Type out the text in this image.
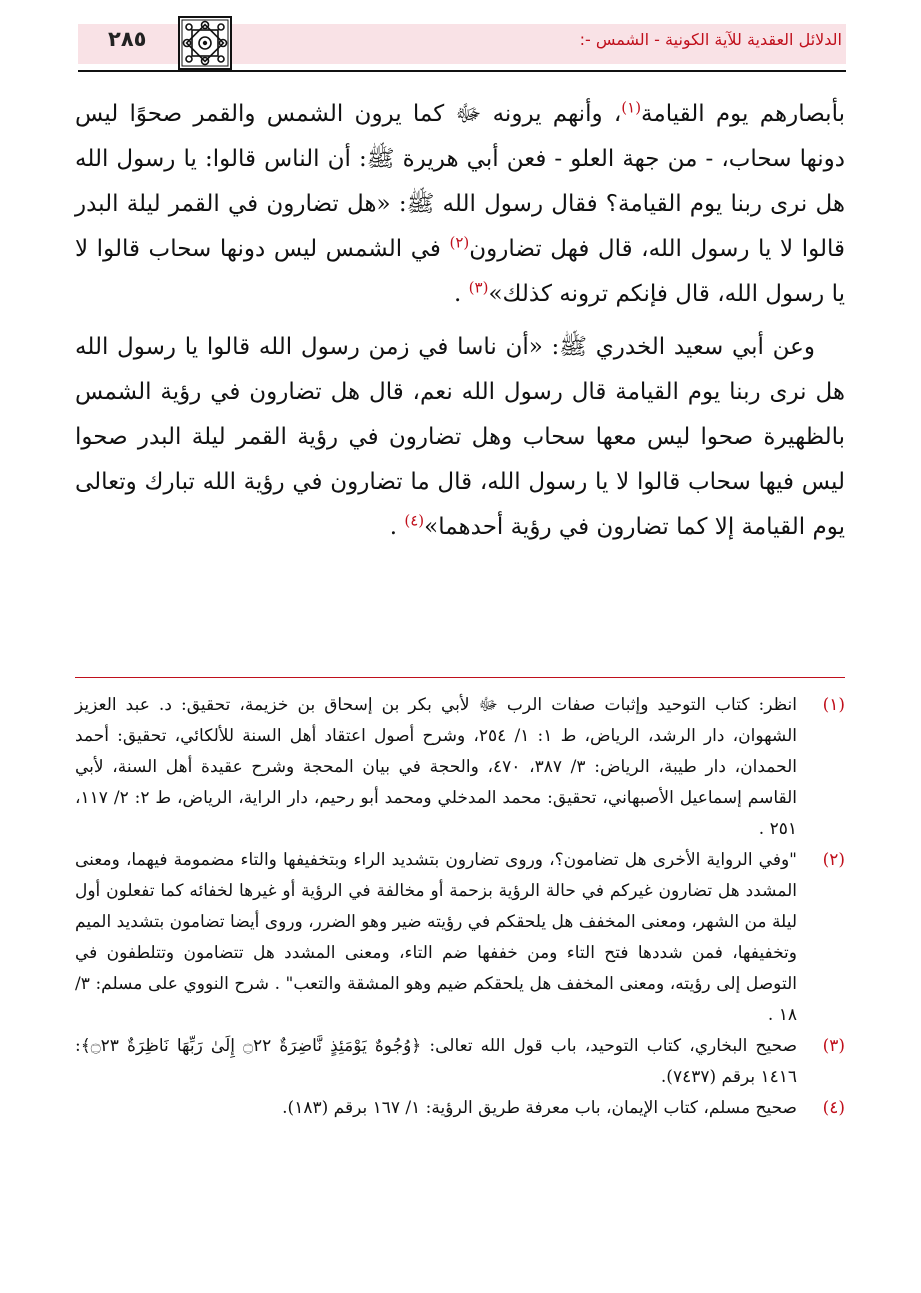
الدلائل العقدية للآية الكونية - الشمس -:
٢٨٥

بأبصارهم يوم القيامة$^{(١)}$، وأنهم يرونه ﷻ كما يرون الشمس والقمر صحوًا ليس دونها سحاب، - من جهة العلو - فعن أبي هريرة ﷺ: أن الناس قالوا: يا رسول الله هل نرى ربنا يوم القيامة؟ فقال رسول الله ﷺ: «هل تضارون في القمر ليلة البدر قالوا لا يا رسول الله، قال فهل تضارون$^{(٢)}$ في الشمس ليس دونها سحاب قالوا لا يا رسول الله، قال فإنكم ترونه كذلك»$^{(٣)}$ .

وعن أبي سعيد الخدري ﷺ: «أن ناسا في زمن رسول الله قالوا يا رسول الله هل نرى ربنا يوم القيامة قال رسول الله نعم، قال هل تضارون في رؤية الشمس بالظهيرة صحوا ليس معها سحاب وهل تضارون في رؤية القمر ليلة البدر صحوا ليس فيها سحاب قالوا لا يا رسول الله، قال ما تضارون في رؤية الله تبارك وتعالى يوم القيامة إلا كما تضارون في رؤية أحدهما»$^{(٤)}$ .

(١)
انظر: كتاب التوحيد وإثبات صفات الرب ﷻ لأبي بكر بن إسحاق بن خزيمة، تحقيق: د. عبد العزيز الشهوان، دار الرشد، الرياض، ط ١: ١/ ٢٥٤، وشرح أصول اعتقاد أهل السنة للألكائي، تحقيق: أحمد الحمدان، دار طيبة، الرياض: ٣/ ٣٨٧، ٤٧٠، والحجة في بيان المحجة وشرح عقيدة أهل السنة، لأبي القاسم إسماعيل الأصبهاني، تحقيق: محمد المدخلي ومحمد أبو رحيم، دار الراية، الرياض، ط ٢: ٢/ ١١٧، ٢٥١ .
(٢)
"وفي الرواية الأخرى هل تضامون؟، وروى تضارون بتشديد الراء وبتخفيفها والتاء مضمومة فيهما، ومعنى المشدد هل تضارون غيركم في حالة الرؤية بزحمة أو مخالفة في الرؤية أو غيرها لخفائه كما تفعلون أول ليلة من الشهر، ومعنى المخفف هل يلحقكم في رؤيته ضير وهو الضرر، وروى أيضا تضامون بتشديد الميم وتخفيفها، فمن شددها فتح التاء ومن خففها ضم التاء، ومعنى المشدد هل تتضامون وتتلطفون في التوصل إلى رؤيته، ومعنى المخفف هل يلحقكم ضيم وهو المشقة والتعب" . شرح النووي على مسلم: ٣/ ١٨ .
(٣)
صحيح البخاري، كتاب التوحيد، باب قول الله تعالى: ﴿وُجُوهٌ يَوْمَئِذٍ نَّاضِرَةٌ ۝٢٢ إِلَىٰ رَبِّهَا نَاظِرَةٌ ۝٢٣﴾: ١٤١٦ برقم (٧٤٣٧).
(٤)
صحيح مسلم، كتاب الإيمان، باب معرفة طريق الرؤية: ١/ ١٦٧ برقم (١٨٣).
